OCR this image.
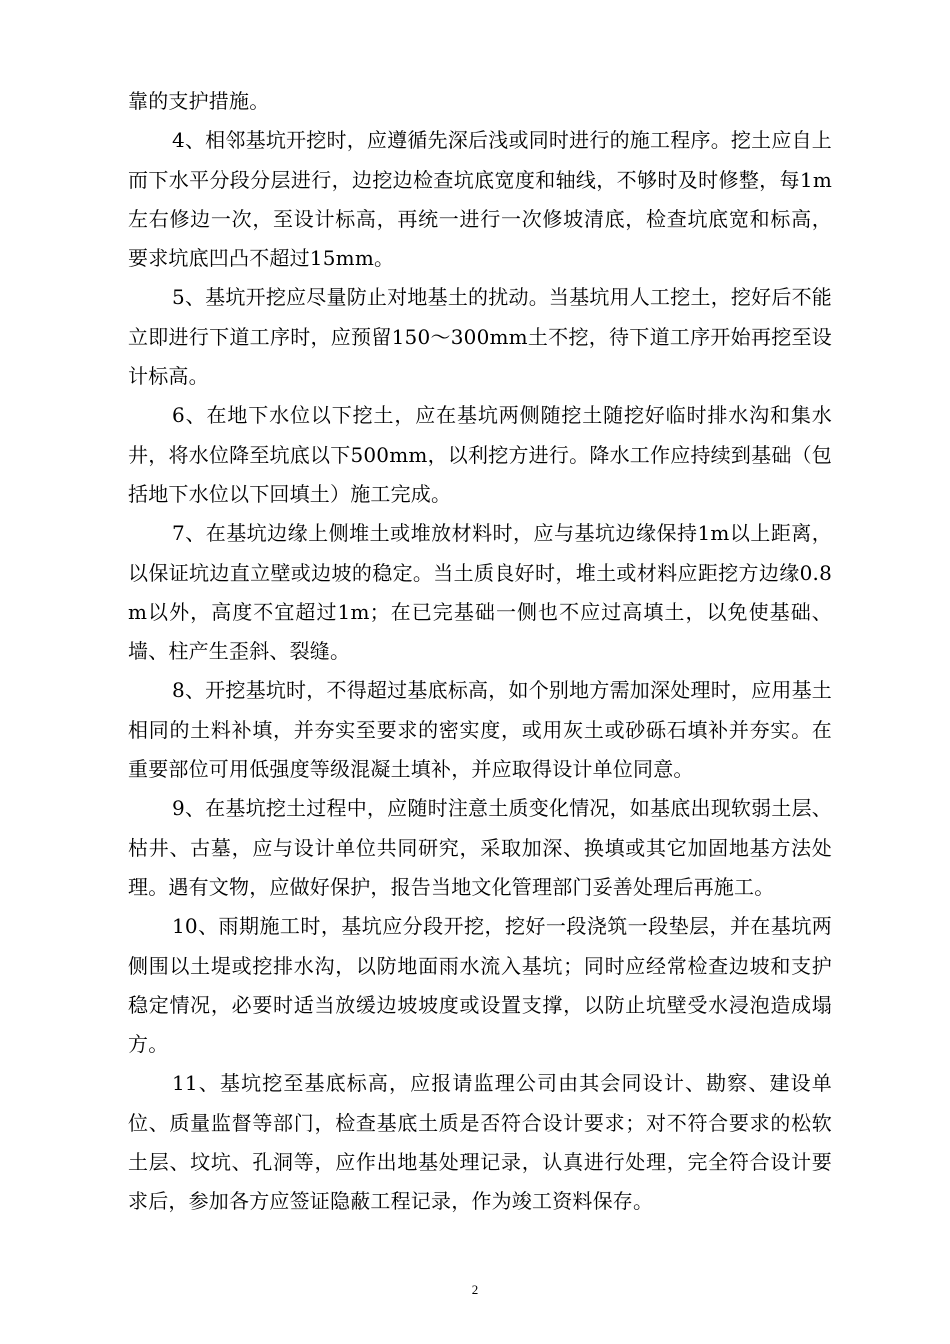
靠的支护措施。

4、相邻基坑开挖时，应遵循先深后浅或同时进行的施工程序。挖土应自上而下水平分段分层进行，边挖边检查坑底宽度和轴线，不够时及时修整，每1m左右修边一次，至设计标高，再统一进行一次修坡清底，检查坑底宽和标高，要求坑底凹凸不超过15mm。

5、基坑开挖应尽量防止对地基土的扰动。当基坑用人工挖土，挖好后不能立即进行下道工序时，应预留150～300mm土不挖，待下道工序开始再挖至设计标高。

6、在地下水位以下挖土，应在基坑两侧随挖土随挖好临时排水沟和集水井，将水位降至坑底以下500mm，以利挖方进行。降水工作应持续到基础（包括地下水位以下回填土）施工完成。

7、在基坑边缘上侧堆土或堆放材料时，应与基坑边缘保持1m以上距离，以保证坑边直立壁或边坡的稳定。当土质良好时，堆土或材料应距挖方边缘0.8m以外，高度不宜超过1m；在已完基础一侧也不应过高填土，以免使基础、墙、柱产生歪斜、裂缝。

8、开挖基坑时，不得超过基底标高，如个别地方需加深处理时，应用基土相同的土料补填，并夯实至要求的密实度，或用灰土或砂砾石填补并夯实。在重要部位可用低强度等级混凝土填补，并应取得设计单位同意。

9、在基坑挖土过程中，应随时注意土质变化情况，如基底出现软弱土层、枯井、古墓，应与设计单位共同研究，采取加深、换填或其它加固地基方法处理。遇有文物，应做好保护，报告当地文化管理部门妥善处理后再施工。

10、雨期施工时，基坑应分段开挖，挖好一段浇筑一段垫层，并在基坑两侧围以土堤或挖排水沟，以防地面雨水流入基坑；同时应经常检查边坡和支护稳定情况，必要时适当放缓边坡坡度或设置支撑，以防止坑壁受水浸泡造成塌方。

11、基坑挖至基底标高，应报请监理公司由其会同设计、勘察、建设单位、质量监督等部门，检查基底土质是否符合设计要求；对不符合要求的松软土层、坟坑、孔洞等，应作出地基处理记录，认真进行处理，完全符合设计要求后，参加各方应签证隐蔽工程记录，作为竣工资料保存。

2
